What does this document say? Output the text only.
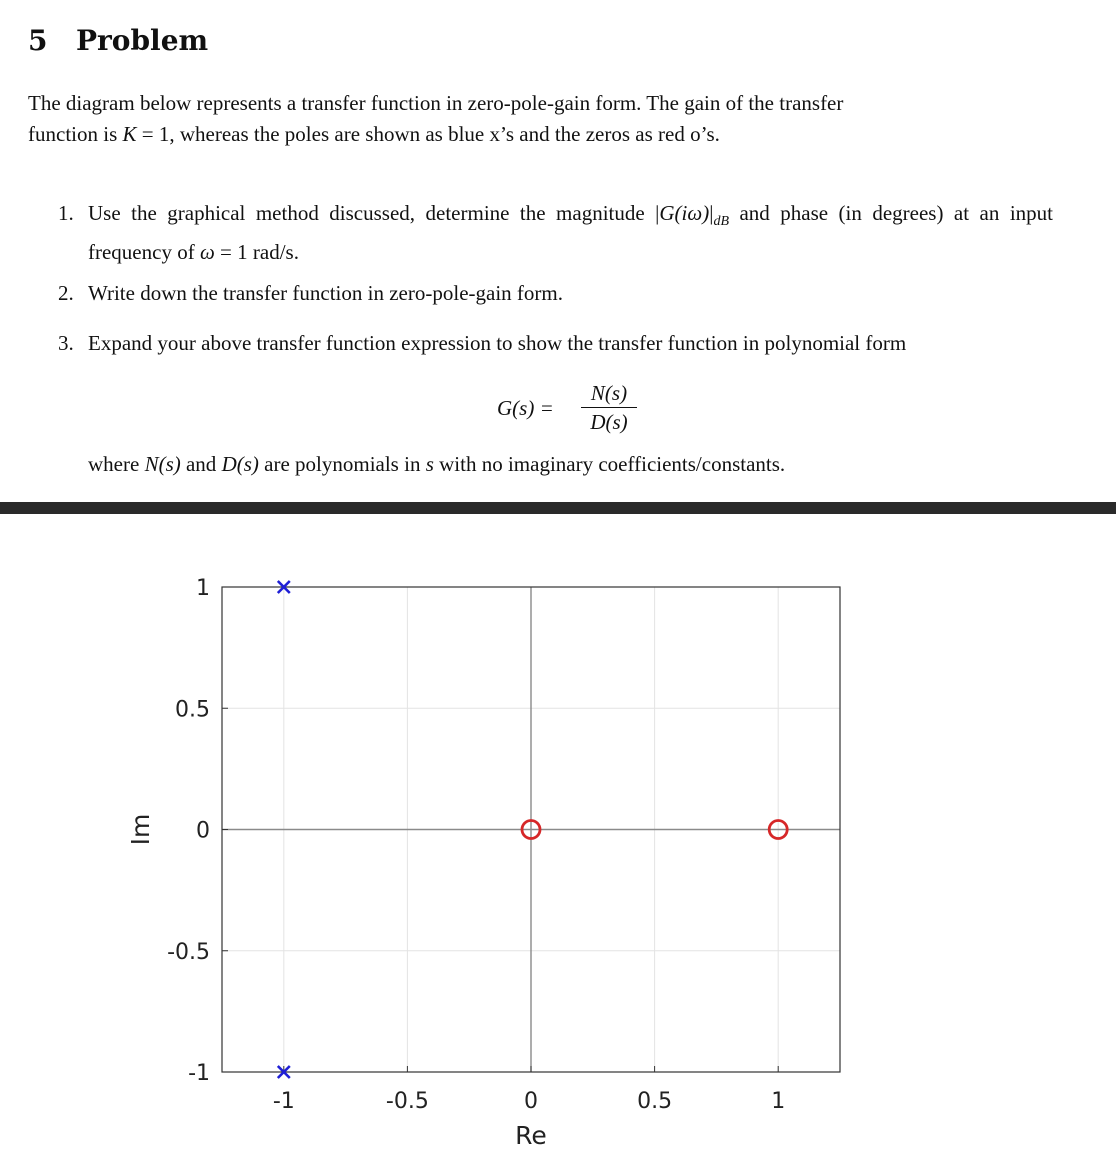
5 Problem
The diagram below represents a transfer function in zero-pole-gain form. The gain of the transfer
function is K = 1, whereas the poles are shown as blue x’s and the zeros as red o’s.
1. Use the graphical method discussed, determine the magnitude $|G(i\omega)|_{dB}$ and phase (in degrees) at an input frequency of ω = 1 rad/s.
2. Write down the transfer function in zero-pole-gain form.
3. Expand your above transfer function expression to show the transfer function in polynomial form
G(s) =
N(s)
D(s)
where N(s) and D(s) are polynomials in s with no imaginary coefficients/constants.
-1	-0.5	0	0.5	1
1
0.5
0
-0.5
-1
Re
Im
